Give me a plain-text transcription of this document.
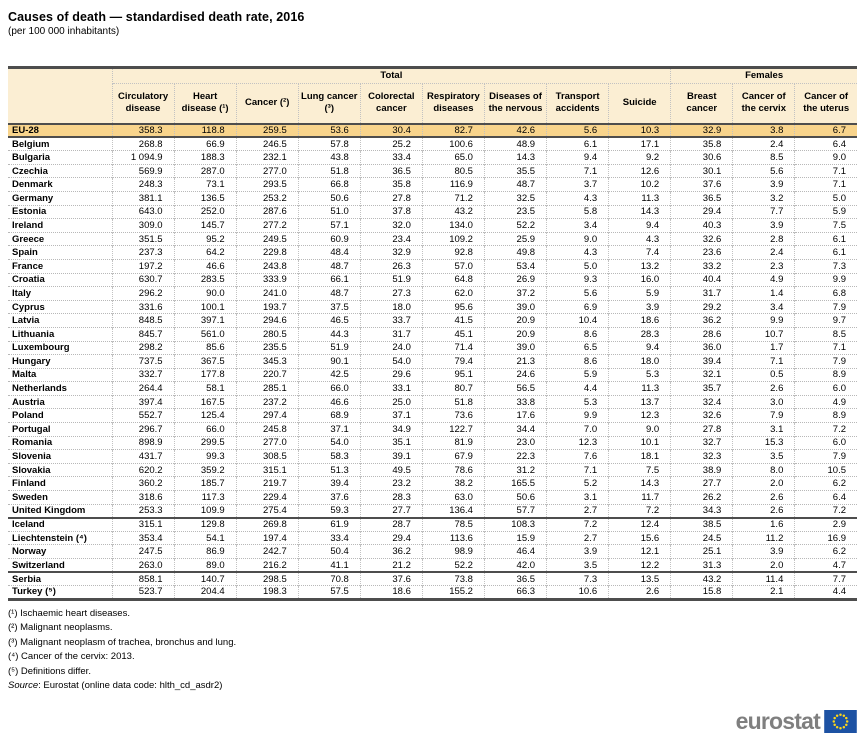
Causes of death — standardised death rate, 2016
(per 100 000 inhabitants)
	Total									Females		
	Circulatory disease	Heart disease (¹)	Cancer (²)	Lung cancer (³)	Colorectal cancer	Respiratory diseases	Diseases of the nervous	Transport accidents	Suicide	Breast cancer	Cancer of the cervix	Cancer of the uterus
EU-28	358.3	118.8	259.5	53.6	30.4	82.7	42.6	5.6	10.3	32.9	3.8	6.7
Belgium	268.8	66.9	246.5	57.8	25.2	100.6	48.9	6.1	17.1	35.8	2.4	6.4
Bulgaria	1 094.9	188.3	232.1	43.8	33.4	65.0	14.3	9.4	9.2	30.6	8.5	9.0
Czechia	569.9	287.0	277.0	51.8	36.5	80.5	35.5	7.1	12.6	30.1	5.6	7.1
Denmark	248.3	73.1	293.5	66.8	35.8	116.9	48.7	3.7	10.2	37.6	3.9	7.1
Germany	381.1	136.5	253.2	50.6	27.8	71.2	32.5	4.3	11.3	36.5	3.2	5.0
Estonia	643.0	252.0	287.6	51.0	37.8	43.2	23.5	5.8	14.3	29.4	7.7	5.9
Ireland	309.0	145.7	277.2	57.1	32.0	134.0	52.2	3.4	9.4	40.3	3.9	7.5
Greece	351.5	95.2	249.5	60.9	23.4	109.2	25.9	9.0	4.3	32.6	2.8	6.1
Spain	237.3	64.2	229.8	48.4	32.9	92.8	49.8	4.3	7.4	23.6	2.4	6.1
France	197.2	46.6	243.8	48.7	26.3	57.0	53.4	5.0	13.2	33.2	2.3	7.3
Croatia	630.7	283.5	333.9	66.1	51.9	64.8	26.9	9.3	16.0	40.4	4.9	9.9
Italy	296.2	90.0	241.0	48.7	27.3	62.0	37.2	5.6	5.9	31.7	1.4	6.8
Cyprus	331.6	100.1	193.7	37.5	18.0	95.6	39.0	6.9	3.9	29.2	3.4	7.9
Latvia	848.5	397.1	294.6	46.5	33.7	41.5	20.9	10.4	18.6	36.2	9.9	9.7
Lithuania	845.7	561.0	280.5	44.3	31.7	45.1	20.9	8.6	28.3	28.6	10.7	8.5
Luxembourg	298.2	85.6	235.5	51.9	24.0	71.4	39.0	6.5	9.4	36.0	1.7	7.1
Hungary	737.5	367.5	345.3	90.1	54.0	79.4	21.3	8.6	18.0	39.4	7.1	7.9
Malta	332.7	177.8	220.7	42.5	29.6	95.1	24.6	5.9	5.3	32.1	0.5	8.9
Netherlands	264.4	58.1	285.1	66.0	33.1	80.7	56.5	4.4	11.3	35.7	2.6	6.0
Austria	397.4	167.5	237.2	46.6	25.0	51.8	33.8	5.3	13.7	32.4	3.0	4.9
Poland	552.7	125.4	297.4	68.9	37.1	73.6	17.6	9.9	12.3	32.6	7.9	8.9
Portugal	296.7	66.0	245.8	37.1	34.9	122.7	34.4	7.0	9.0	27.8	3.1	7.2
Romania	898.9	299.5	277.0	54.0	35.1	81.9	23.0	12.3	10.1	32.7	15.3	6.0
Slovenia	431.7	99.3	308.5	58.3	39.1	67.9	22.3	7.6	18.1	32.3	3.5	7.9
Slovakia	620.2	359.2	315.1	51.3	49.5	78.6	31.2	7.1	7.5	38.9	8.0	10.5
Finland	360.2	185.7	219.7	39.4	23.2	38.2	165.5	5.2	14.3	27.7	2.0	6.2
Sweden	318.6	117.3	229.4	37.6	28.3	63.0	50.6	3.1	11.7	26.2	2.6	6.4
United Kingdom	253.3	109.9	275.4	59.3	27.7	136.4	57.7	2.7	7.2	34.3	2.6	7.2
Iceland	315.1	129.8	269.8	61.9	28.7	78.5	108.3	7.2	12.4	38.5	1.6	2.9
Liechtenstein (⁴)	353.4	54.1	197.4	33.4	29.4	113.6	15.9	2.7	15.6	24.5	11.2	16.9
Norway	247.5	86.9	242.7	50.4	36.2	98.9	46.4	3.9	12.1	25.1	3.9	6.2
Switzerland	263.0	89.0	216.2	41.1	21.2	52.2	42.0	3.5	12.2	31.3	2.0	4.7
Serbia	858.1	140.7	298.5	70.8	37.6	73.8	36.5	7.3	13.5	43.2	11.4	7.7
Turkey (⁵)	523.7	204.4	198.3	57.5	18.6	155.2	66.3	10.6	2.6	15.8	2.1	4.4
(¹) Ischaemic heart diseases.
(²) Malignant neoplasms.
(³) Malignant neoplasm of trachea, bronchus and lung.
(⁴) Cancer of the cervix: 2013.
(⁵) Definitions differ.
Source: Eurostat (online data code: hlth_cd_asdr2)
eurostat
